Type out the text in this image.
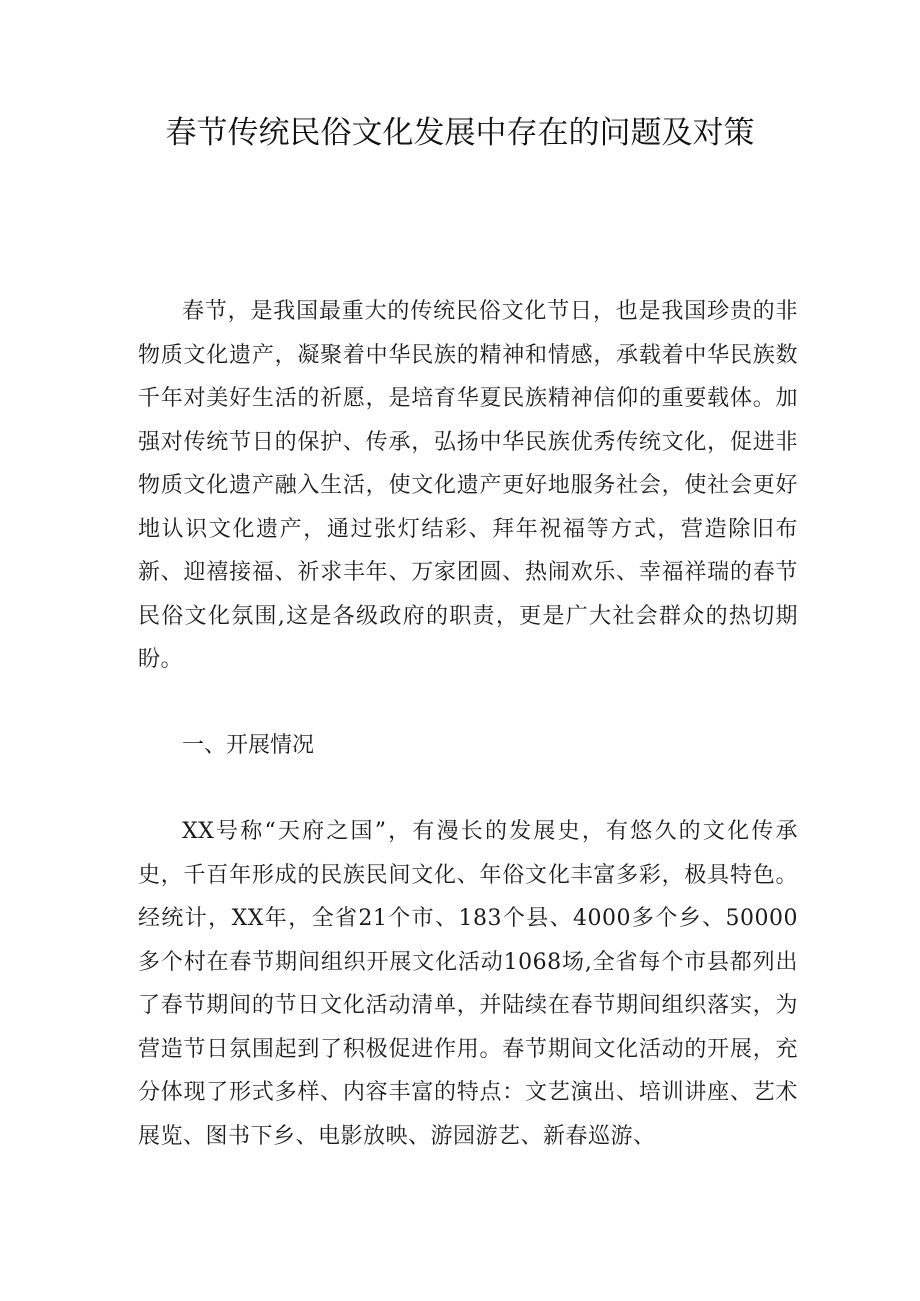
春节传统民俗文化发展中存在的问题及对策

春节，是我国最重大的传统民俗文化节日，也是我国珍贵的非物质文化遗产，凝聚着中华民族的精神和情感，承载着中华民族数千年对美好生活的祈愿，是培育华夏民族精神信仰的重要载体。加强对传统节日的保护、传承，弘扬中华民族优秀传统文化，促进非物质文化遗产融入生活，使文化遗产更好地服务社会，使社会更好地认识文化遗产，通过张灯结彩、拜年祝福等方式，营造除旧布新、迎禧接福、祈求丰年、万家团圆、热闹欢乐、幸福祥瑞的春节民俗文化氛围,这是各级政府的职责，更是广大社会群众的热切期盼。

一、开展情况

XX号称“天府之国”，有漫长的发展史，有悠久的文化传承史，千百年形成的民族民间文化、年俗文化丰富多彩，极具特色。经统计，XX年，全省21个市、183个县、4000多个乡、50000多个村在春节期间组织开展文化活动1068场,全省每个市县都列出了春节期间的节日文化活动清单，并陆续在春节期间组织落实，为营造节日氛围起到了积极促进作用。春节期间文化活动的开展，充分体现了形式多样、内容丰富的特点：文艺演出、培训讲座、艺术展览、图书下乡、电影放映、游园游艺、新春巡游、
